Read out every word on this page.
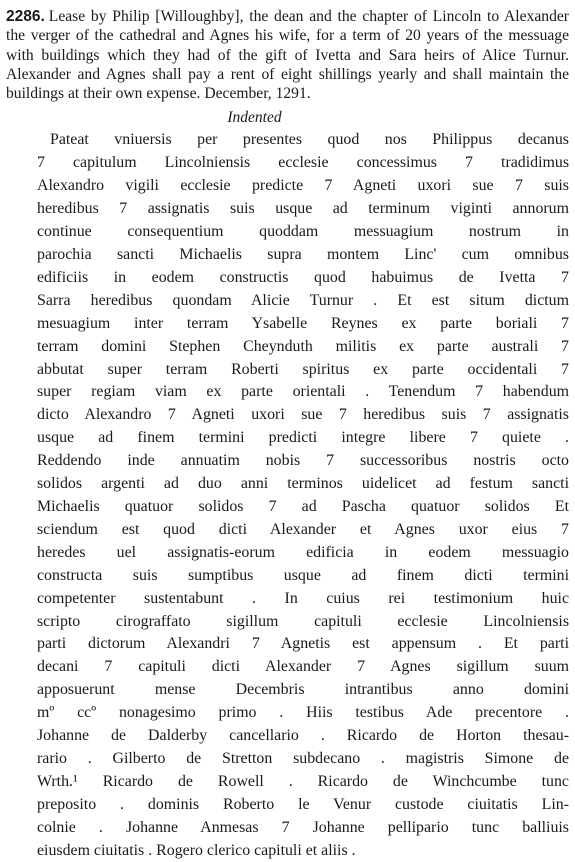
2286. Lease by Philip [Willoughby], the dean and the chapter of Lincoln to Alexander the verger of the cathedral and Agnes his wife, for a term of 20 years of the messuage with buildings which they had of the gift of Ivetta and Sara heirs of Alice Turnur. Alexander and Agnes shall pay a rent of eight shillings yearly and shall maintain the buildings at their own expense. December, 1291.

Indented
Pateat vniuersis per presentes quod nos Philippus decanus
7 capitulum Lincolniensis ecclesie concessimus 7 tradidimus
Alexandro vigili ecclesie predicte 7 Agneti uxori sue 7 suis
heredibus 7 assignatis suis usque ad terminum viginti annorum
continue consequentium quoddam messuagium nostrum in
parochia sancti Michaelis supra montem Linc' cum omnibus
edificiis in eodem constructis quod habuimus de Ivetta 7
Sarra heredibus quondam Alicie Turnur . Et est situm dictum
mesuagium inter terram Ysabelle Reynes ex parte boriali 7
terram domini Stephen Cheynduth militis ex parte australi 7
abbutat super terram Roberti spiritus ex parte occidentali 7
super regiam viam ex parte orientali . Tenendum 7 habendum
dicto Alexandro 7 Agneti uxori sue 7 heredibus suis 7 assignatis
usque ad finem termini predicti integre libere 7 quiete .
Reddendo inde annuatim nobis 7 successoribus nostris octo
solidos argenti ad duo anni terminos uidelicet ad festum sancti
Michaelis quatuor solidos 7 ad Pascha quatuor solidos Et
sciendum est quod dicti Alexander et Agnes uxor eius 7
heredes uel assignatis-eorum edificia in eodem messuagio
constructa suis sumptibus usque ad finem dicti termini
competenter sustentabunt . In cuius rei testimonium huic
scripto cirograffato sigillum capituli ecclesie Lincolniensis
parti dictorum Alexandri 7 Agnetis est appensum . Et parti
decani 7 capituli dicti Alexander 7 Agnes sigillum suum
apposuerunt mense Decembris intrantibus anno domini
mº ccº nonagesimo primo . Hiis testibus Ade precentore .
Johanne de Dalderby cancellario . Ricardo de Horton thesau-
rario . Gilberto de Stretton subdecano . magistris Simone de
Wrth.¹ Ricardo de Rowell . Ricardo de Winchcumbe tunc
preposito . dominis Roberto le Venur custode ciuitatis Lin-
colnie . Johanne Anmesas 7 Johanne pellipario tunc balliuis
eiusdem ciuitatis . Rogero clerico capituli et aliis .
